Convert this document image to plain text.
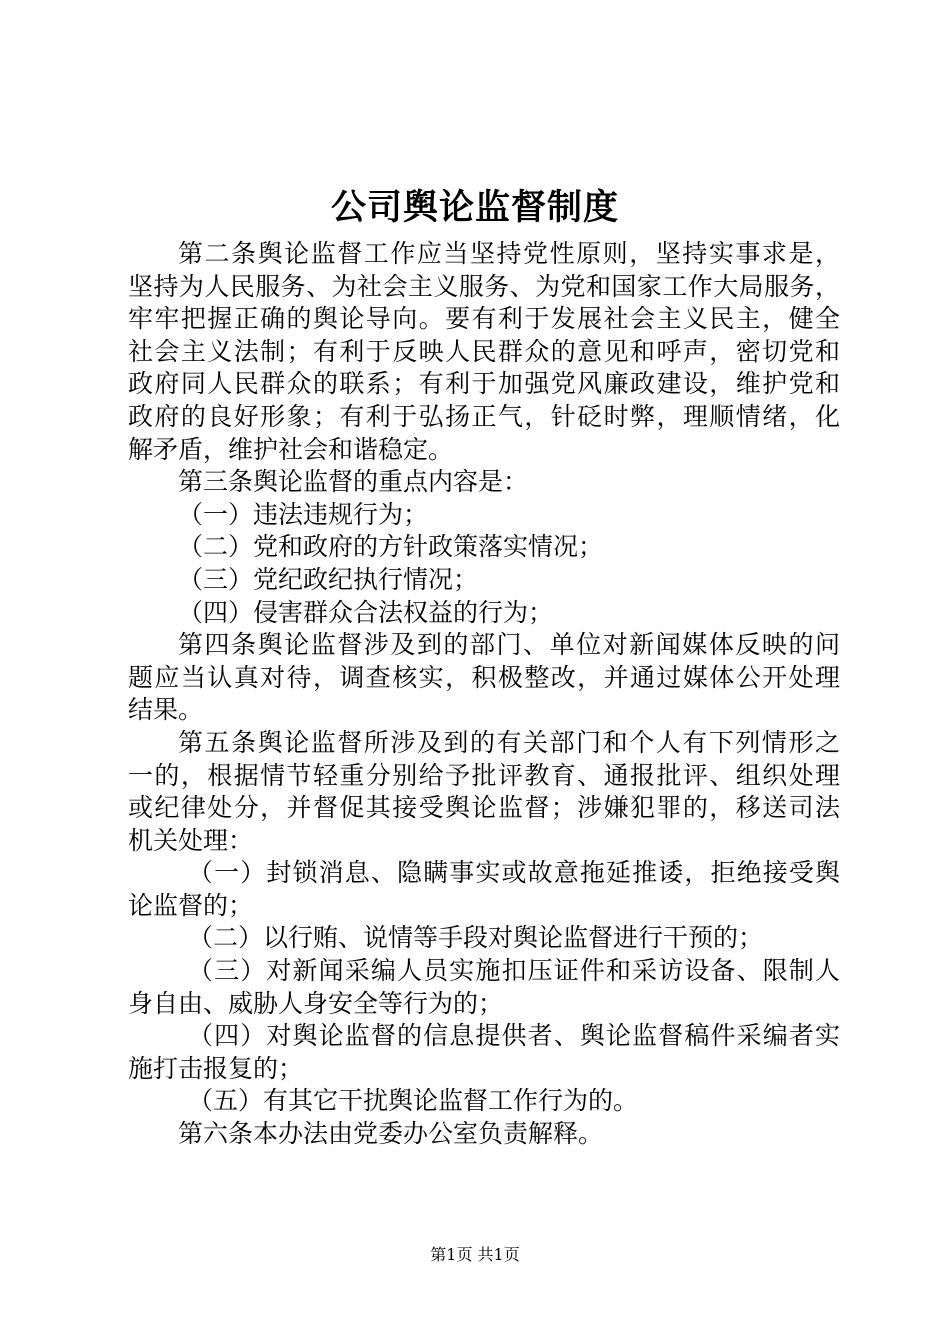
公司舆论监督制度
第二条舆论监督工作应当坚持党性原则，坚持实事求是，
坚持为人民服务、为社会主义服务、为党和国家工作大局服务，
牢牢把握正确的舆论导向。要有利于发展社会主义民主，健全
社会主义法制；有利于反映人民群众的意见和呼声，密切党和
政府同人民群众的联系；有利于加强党风廉政建设，维护党和
政府的良好形象；有利于弘扬正气，针砭时弊，理顺情绪，化
解矛盾，维护社会和谐稳定。
第三条舆论监督的重点内容是：
（一）违法违规行为；
（二）党和政府的方针政策落实情况；
（三）党纪政纪执行情况；
（四）侵害群众合法权益的行为；
第四条舆论监督涉及到的部门、单位对新闻媒体反映的问
题应当认真对待，调查核实，积极整改，并通过媒体公开处理
结果。
第五条舆论监督所涉及到的有关部门和个人有下列情形之
一的，根据情节轻重分别给予批评教育、通报批评、组织处理
或纪律处分，并督促其接受舆论监督；涉嫌犯罪的，移送司法
机关处理：
（一）封锁消息、隐瞒事实或故意拖延推诿，拒绝接受舆
论监督的；
（二）以行贿、说情等手段对舆论监督进行干预的；
（三）对新闻采编人员实施扣压证件和采访设备、限制人
身自由、威胁人身安全等行为的；
（四）对舆论监督的信息提供者、舆论监督稿件采编者实
施打击报复的；
（五）有其它干扰舆论监督工作行为的。
第六条本办法由党委办公室负责解释。
第1页 共1页
